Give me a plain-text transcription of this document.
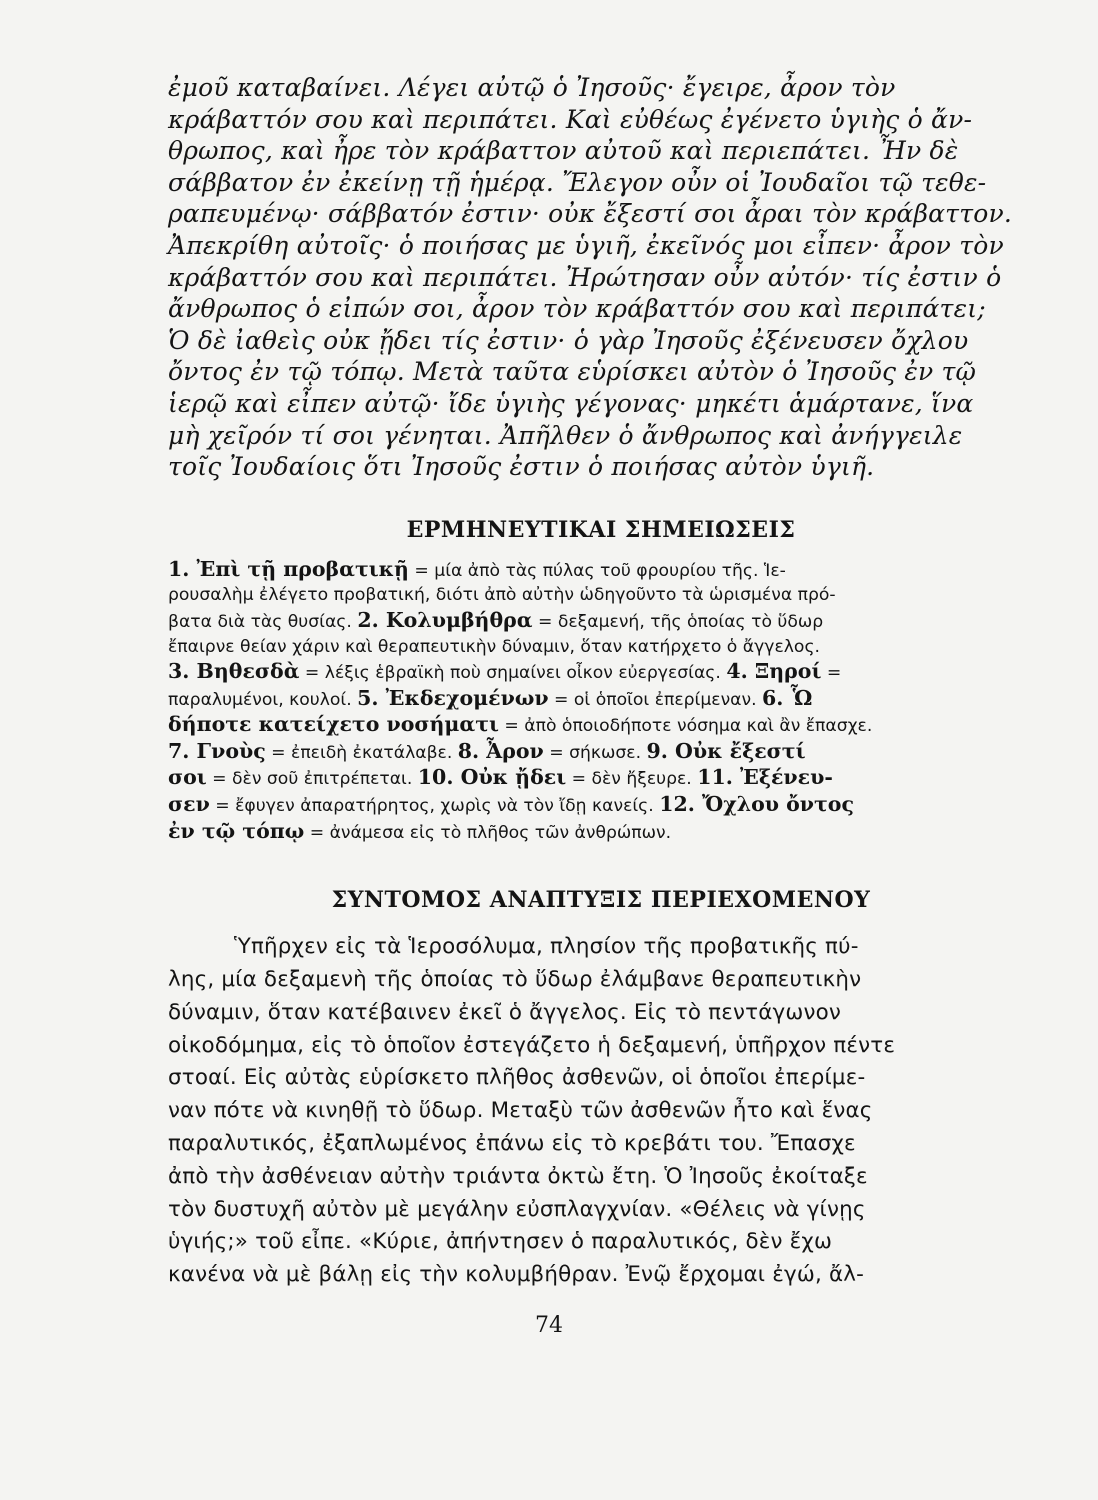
ἐμοῦ καταβαίνει. Λέγει αὐτῷ ὁ Ἰησοῦς· ἔγειρε, ἆρον τὸν
κράβαττόν σου καὶ περιπάτει. Καὶ εὐθέως ἐγένετο ὑγιὴς ὁ ἄν-
θρωπος, καὶ ἦρε τὸν κράβαττον αὐτοῦ καὶ περιεπάτει. Ἦν δὲ
σάββατον ἐν ἐκείνῃ τῇ ἡμέρᾳ. Ἔλεγον οὖν οἱ Ἰουδαῖοι τῷ τεθε-
ραπευμένῳ· σάββατόν ἐστιν· οὐκ ἔξεστί σοι ἆραι τὸν κράβαττον.
Ἀπεκρίθη αὐτοῖς· ὁ ποιήσας με ὑγιῆ, ἐκεῖνός μοι εἶπεν· ἆρον τὸν
κράβαττόν σου καὶ περιπάτει. Ἠρώτησαν οὖν αὐτόν· τίς ἐστιν ὁ
ἄνθρωπος ὁ εἰπών σοι, ἆρον τὸν κράβαττόν σου καὶ περιπάτει;
Ὁ δὲ ἰαθεὶς οὐκ ᾔδει τίς ἐστιν· ὁ γὰρ Ἰησοῦς ἐξένευσεν ὄχλου
ὄντος ἐν τῷ τόπῳ. Μετὰ ταῦτα εὑρίσκει αὐτὸν ὁ Ἰησοῦς ἐν τῷ
ἱερῷ καὶ εἶπεν αὐτῷ· ἴδε ὑγιὴς γέγονας· μηκέτι ἁμάρτανε, ἵνα
μὴ χεῖρόν τί σοι γένηται. Ἀπῆλθεν ὁ ἄνθρωπος καὶ ἀνήγγειλε
τοῖς Ἰουδαίοις ὅτι Ἰησοῦς ἐστιν ὁ ποιήσας αὐτὸν ὑγιῆ.
ΕΡΜΗΝΕΥΤΙΚΑΙ ΣΗΜΕΙΩΣΕΙΣ
1. Ἐπὶ τῇ προβατικῇ = μία ἀπὸ τὰς πύλας τοῦ φρουρίου τῆς. Ἱε-
ρουσαλὴμ ἐλέγετο προβατική, διότι ἀπὸ αὐτὴν ὡδηγοῦντο τὰ ὡρισμένα πρό-
βατα διὰ τὰς θυσίας. 2. Κολυμβήθρα = δεξαμενή, τῆς ὁποίας τὸ ὕδωρ
ἔπαιρνε θείαν χάριν καὶ θεραπευτικὴν δύναμιν, ὅταν κατήρχετο ὁ ἄγγελος.
3. Βηθεσδὰ = λέξις ἑβραϊκὴ ποὺ σημαίνει οἶκον εὐεργεσίας. 4. Ξηροί =
παραλυμένοι, κουλοί. 5. Ἐκδεχομένων = οἱ ὁποῖοι ἐπερίμεναν. 6. Ὧ
δήποτε κατείχετο νοσήματι = ἀπὸ ὁποιοδήποτε νόσημα καὶ ἂν ἔπασχε.
7. Γνοὺς = ἐπειδὴ ἐκατάλαβε. 8. Ἆρον = σήκωσε. 9. Οὐκ ἔξεστί
σοι = δὲν σοῦ ἐπιτρέπεται. 10. Οὐκ ᾔδει = δὲν ἤξευρε. 11. Ἐξένευ-
σεν = ἔφυγεν ἀπαρατήρητος, χωρὶς νὰ τὸν ἴδῃ κανείς. 12. Ὄχλου ὄντος
ἐν τῷ τόπῳ = ἀνάμεσα εἰς τὸ πλῆθος τῶν ἀνθρώπων.
ΣΥΝΤΟΜΟΣ ΑΝΑΠΤΥΞΙΣ ΠΕΡΙΕΧΟΜΕΝΟΥ
Ὑπῆρχεν εἰς τὰ Ἱεροσόλυμα, πλησίον τῆς προβατικῆς πύ-
λης, μία δεξαμενὴ τῆς ὁποίας τὸ ὕδωρ ἐλάμβανε θεραπευτικὴν
δύναμιν, ὅταν κατέβαινεν ἐκεῖ ὁ ἄγγελος. Εἰς τὸ πεντάγωνον
οἰκοδόμημα, εἰς τὸ ὁποῖον ἐστεγάζετο ἡ δεξαμενή, ὑπῆρχον πέντε
στοαί. Εἰς αὐτὰς εὑρίσκετο πλῆθος ἀσθενῶν, οἱ ὁποῖοι ἐπερίμε-
ναν πότε νὰ κινηθῇ τὸ ὕδωρ. Μεταξὺ τῶν ἀσθενῶν ἦτο καὶ ἕνας
παραλυτικός, ἐξαπλωμένος ἐπάνω εἰς τὸ κρεβάτι του. Ἔπασχε
ἀπὸ τὴν ἀσθένειαν αὐτὴν τριάντα ὀκτὼ ἔτη. Ὁ Ἰησοῦς ἐκοίταξε
τὸν δυστυχῆ αὐτὸν μὲ μεγάλην εὐσπλαγχνίαν. «Θέλεις νὰ γίνῃς
ὑγιής;» τοῦ εἶπε. «Κύριε, ἀπήντησεν ὁ παραλυτικός, δὲν ἔχω
κανένα νὰ μὲ βάλῃ εἰς τὴν κολυμβήθραν. Ἐνῷ ἔρχομαι ἐγώ, ἄλ-
74
